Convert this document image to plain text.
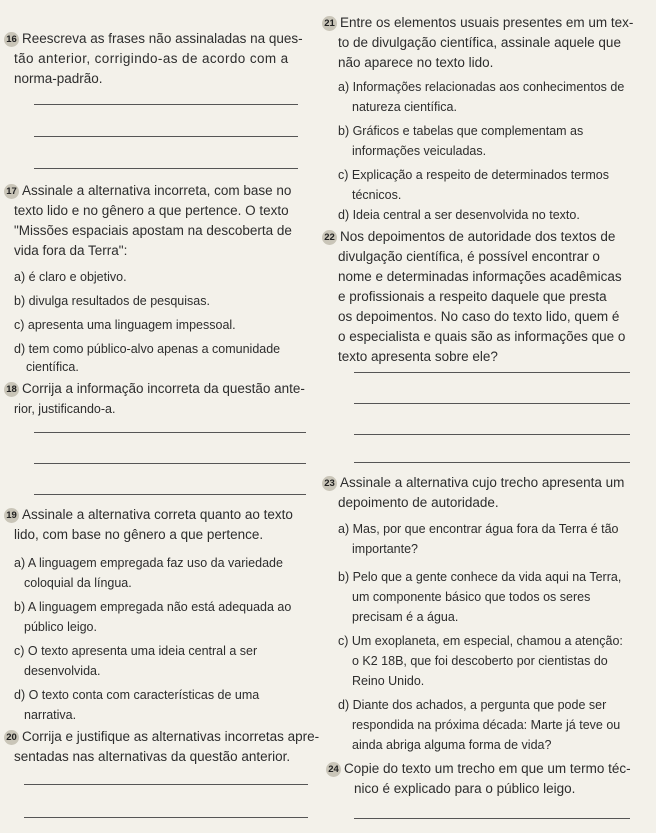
16 Reescreva as frases não assinaladas na ques-
tão anterior, corrigindo-as de acordo com a
norma-padrão.
17 Assinale a alternativa incorreta, com base no
texto lido e no gênero a que pertence. O texto
"Missões espaciais apostam na descoberta de
vida fora da Terra":
a) é claro e objetivo.
b) divulga resultados de pesquisas.
c) apresenta uma linguagem impessoal.
d) tem como público-alvo apenas a comunidade
científica.
18 Corrija a informação incorreta da questão ante-
rior, justificando-a.
19 Assinale a alternativa correta quanto ao texto
lido, com base no gênero a que pertence.
a) A linguagem empregada faz uso da variedade
coloquial da língua.
b) A linguagem empregada não está adequada ao
público leigo.
c) O texto apresenta uma ideia central a ser
desenvolvida.
d) O texto conta com características de uma
narrativa.
20 Corrija e justifique as alternativas incorretas apre-
sentadas nas alternativas da questão anterior.
21 Entre os elementos usuais presentes em um tex-
to de divulgação científica, assinale aquele que
não aparece no texto lido.
a) Informações relacionadas aos conhecimentos de
natureza científica.
b) Gráficos e tabelas que complementam as
informações veiculadas.
c) Explicação a respeito de determinados termos
técnicos.
d) Ideia central a ser desenvolvida no texto.
22 Nos depoimentos de autoridade dos textos de
divulgação científica, é possível encontrar o
nome e determinadas informações acadêmicas
e profissionais a respeito daquele que presta
os depoimentos. No caso do texto lido, quem é
o especialista e quais são as informações que o
texto apresenta sobre ele?
23 Assinale a alternativa cujo trecho apresenta um
depoimento de autoridade.
a) Mas, por que encontrar água fora da Terra é tão
importante?
b) Pelo que a gente conhece da vida aqui na Terra,
um componente básico que todos os seres
precisam é a água.
c) Um exoplaneta, em especial, chamou a atenção:
o K2 18B, que foi descoberto por cientistas do
Reino Unido.
d) Diante dos achados, a pergunta que pode ser
respondida na próxima década: Marte já teve ou
ainda abriga alguma forma de vida?
24 Copie do texto um trecho em que um termo téc-
nico é explicado para o público leigo.
